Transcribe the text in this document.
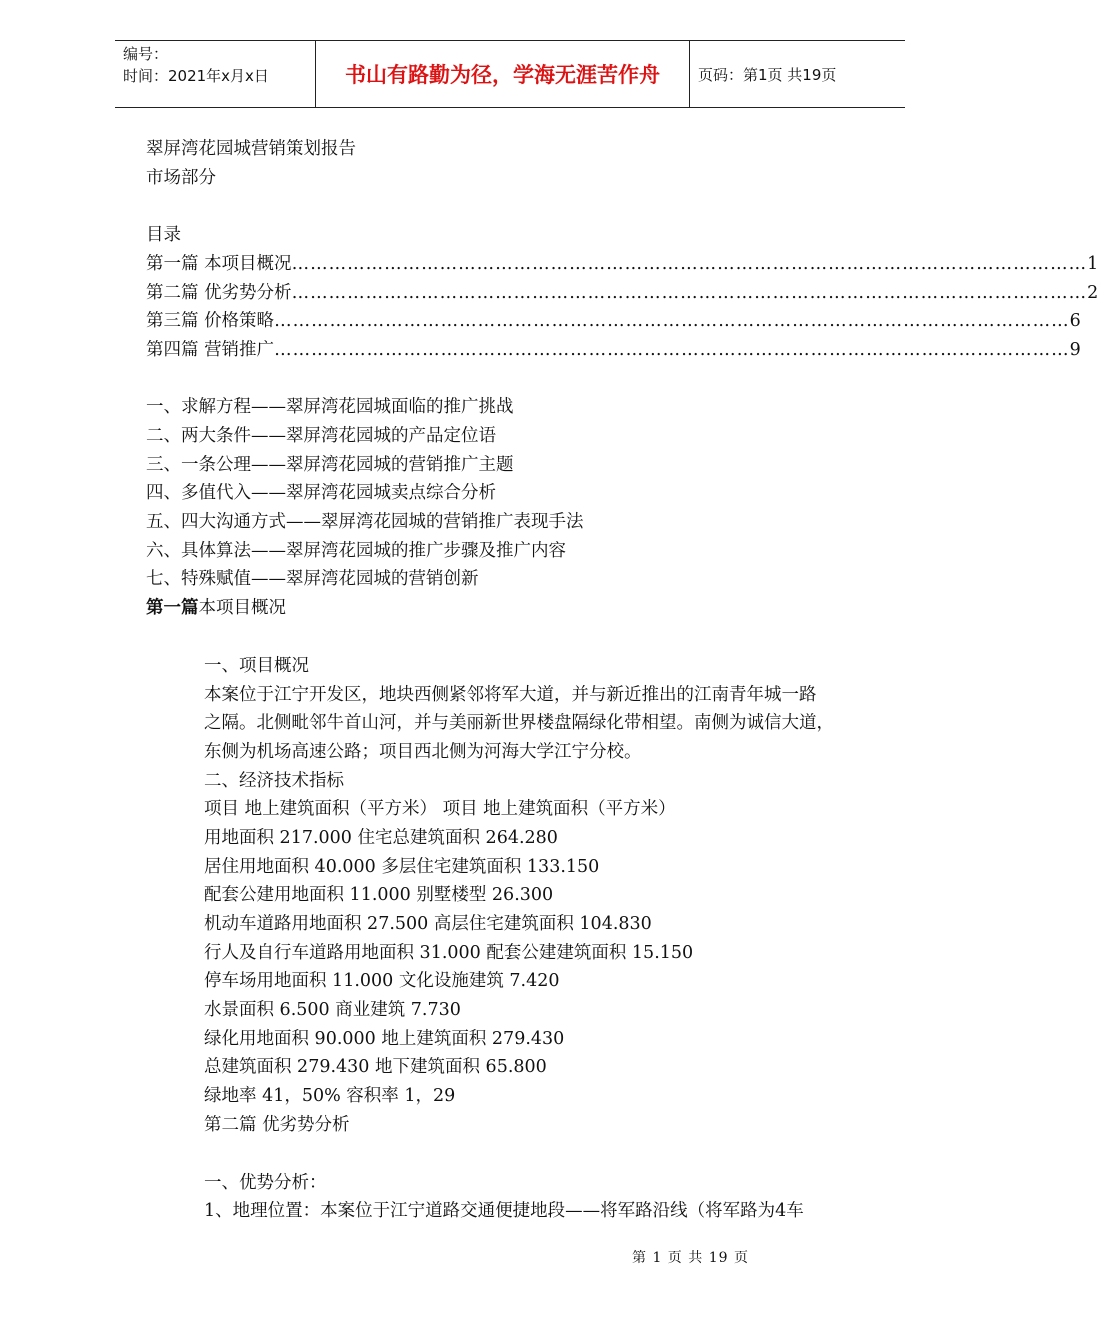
编号：
时间：2021年x月x日	书山有路勤为径，学海无涯苦作舟	页码：第1页 共19页
翠屏湾花园城营销策划报告
市场部分
目录
第一篇 本项目概况 ………………………………………………………………………………………………………………… 1
第二篇 优劣势分析 ………………………………………………………………………………………………………………… 2
第三篇 价格策略 ………………………………………………………………………………………………………………… 6
第四篇 营销推广 ………………………………………………………………………………………………………………… 9
一、求解方程——翠屏湾花园城面临的推广挑战
二、两大条件——翠屏湾花园城的产品定位语
三、一条公理——翠屏湾花园城的营销推广主题
四、多值代入——翠屏湾花园城卖点综合分析
五、四大沟通方式——翠屏湾花园城的营销推广表现手法
六、具体算法——翠屏湾花园城的推广步骤及推广内容
七、特殊赋值——翠屏湾花园城的营销创新
第一篇本项目概况
一、项目概况
本案位于江宁开发区，地块西侧紧邻将军大道，并与新近推出的江南青年城一路
之隔。北侧毗邻牛首山河，并与美丽新世界楼盘隔绿化带相望。南侧为诚信大道，
东侧为机场高速公路；项目西北侧为河海大学江宁分校。
二、经济技术指标
项目 地上建筑面积（平方米） 项目 地上建筑面积（平方米）
用地面积 217.000 住宅总建筑面积 264.280
居住用地面积 40.000 多层住宅建筑面积 133.150
配套公建用地面积 11.000 别墅楼型 26.300
机动车道路用地面积 27.500 高层住宅建筑面积 104.830
行人及自行车道路用地面积 31.000 配套公建建筑面积 15.150
停车场用地面积 11.000 文化设施建筑 7.420
水景面积 6.500 商业建筑 7.730
绿化用地面积 90.000 地上建筑面积 279.430
总建筑面积 279.430 地下建筑面积 65.800
绿地率 41，50% 容积率 1，29
第二篇 优劣势分析
一、优势分析：
1、地理位置：本案位于江宁道路交通便捷地段——将军路沿线（将军路为4车
第 1 页 共 19 页
